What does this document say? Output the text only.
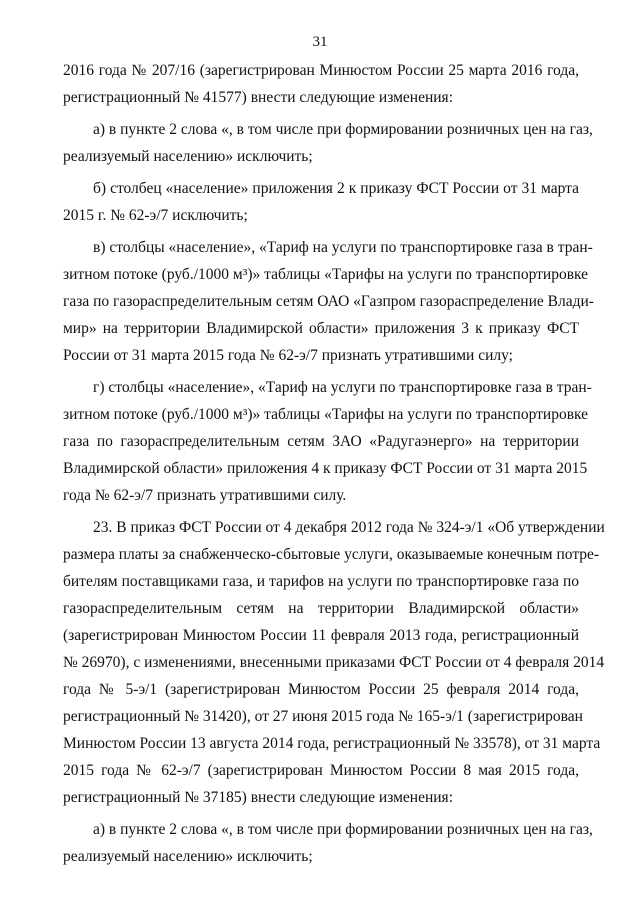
31
2016 года № 207/16 (зарегистрирован Минюстом России 25 марта 2016 года,
регистрационный № 41577) внести следующие изменения:
а) в пункте 2 слова «, в том числе при формировании розничных цен на газ,
реализуемый населению» исключить;
б) столбец «население» приложения 2 к приказу ФСТ России от 31 марта
2015 г. № 62-э/7 исключить;
в) столбцы «население», «Тариф на услуги по транспортировке газа в тран-
зитном потоке (руб./1000 м³)» таблицы «Тарифы на услуги по транспортировке
газа по газораспределительным сетям ОАО «Газпром газораспределение Влади-
мир» на территории Владимирской области» приложения 3 к приказу ФСТ
России от 31 марта 2015 года № 62-э/7 признать утратившими силу;
г) столбцы «население», «Тариф на услуги по транспортировке газа в тран-
зитном потоке (руб./1000 м³)» таблицы «Тарифы на услуги по транспортировке
газа по газораспределительным сетям ЗАО «Радугаэнерго» на территории
Владимирской области» приложения 4 к приказу ФСТ России от 31 марта 2015
года № 62-э/7 признать утратившими силу.
23. В приказ ФСТ России от 4 декабря 2012 года № 324-э/1 «Об утверждении
размера платы за снабженческо-сбытовые услуги, оказываемые конечным потре-
бителям поставщиками газа, и тарифов на услуги по транспортировке газа по
газораспределительным сетям на территории Владимирской области»
(зарегистрирован Минюстом России 11 февраля 2013 года, регистрационный
№ 26970), с изменениями, внесенными приказами ФСТ России от 4 февраля 2014
года № 5-э/1 (зарегистрирован Минюстом России 25 февраля 2014 года,
регистрационный № 31420), от 27 июня 2015 года № 165-э/1 (зарегистрирован
Минюстом России 13 августа 2014 года, регистрационный № 33578), от 31 марта
2015 года № 62-э/7 (зарегистрирован Минюстом России 8 мая 2015 года,
регистрационный № 37185) внести следующие изменения:
а) в пункте 2 слова «, в том числе при формировании розничных цен на газ,
реализуемый населению» исключить;
